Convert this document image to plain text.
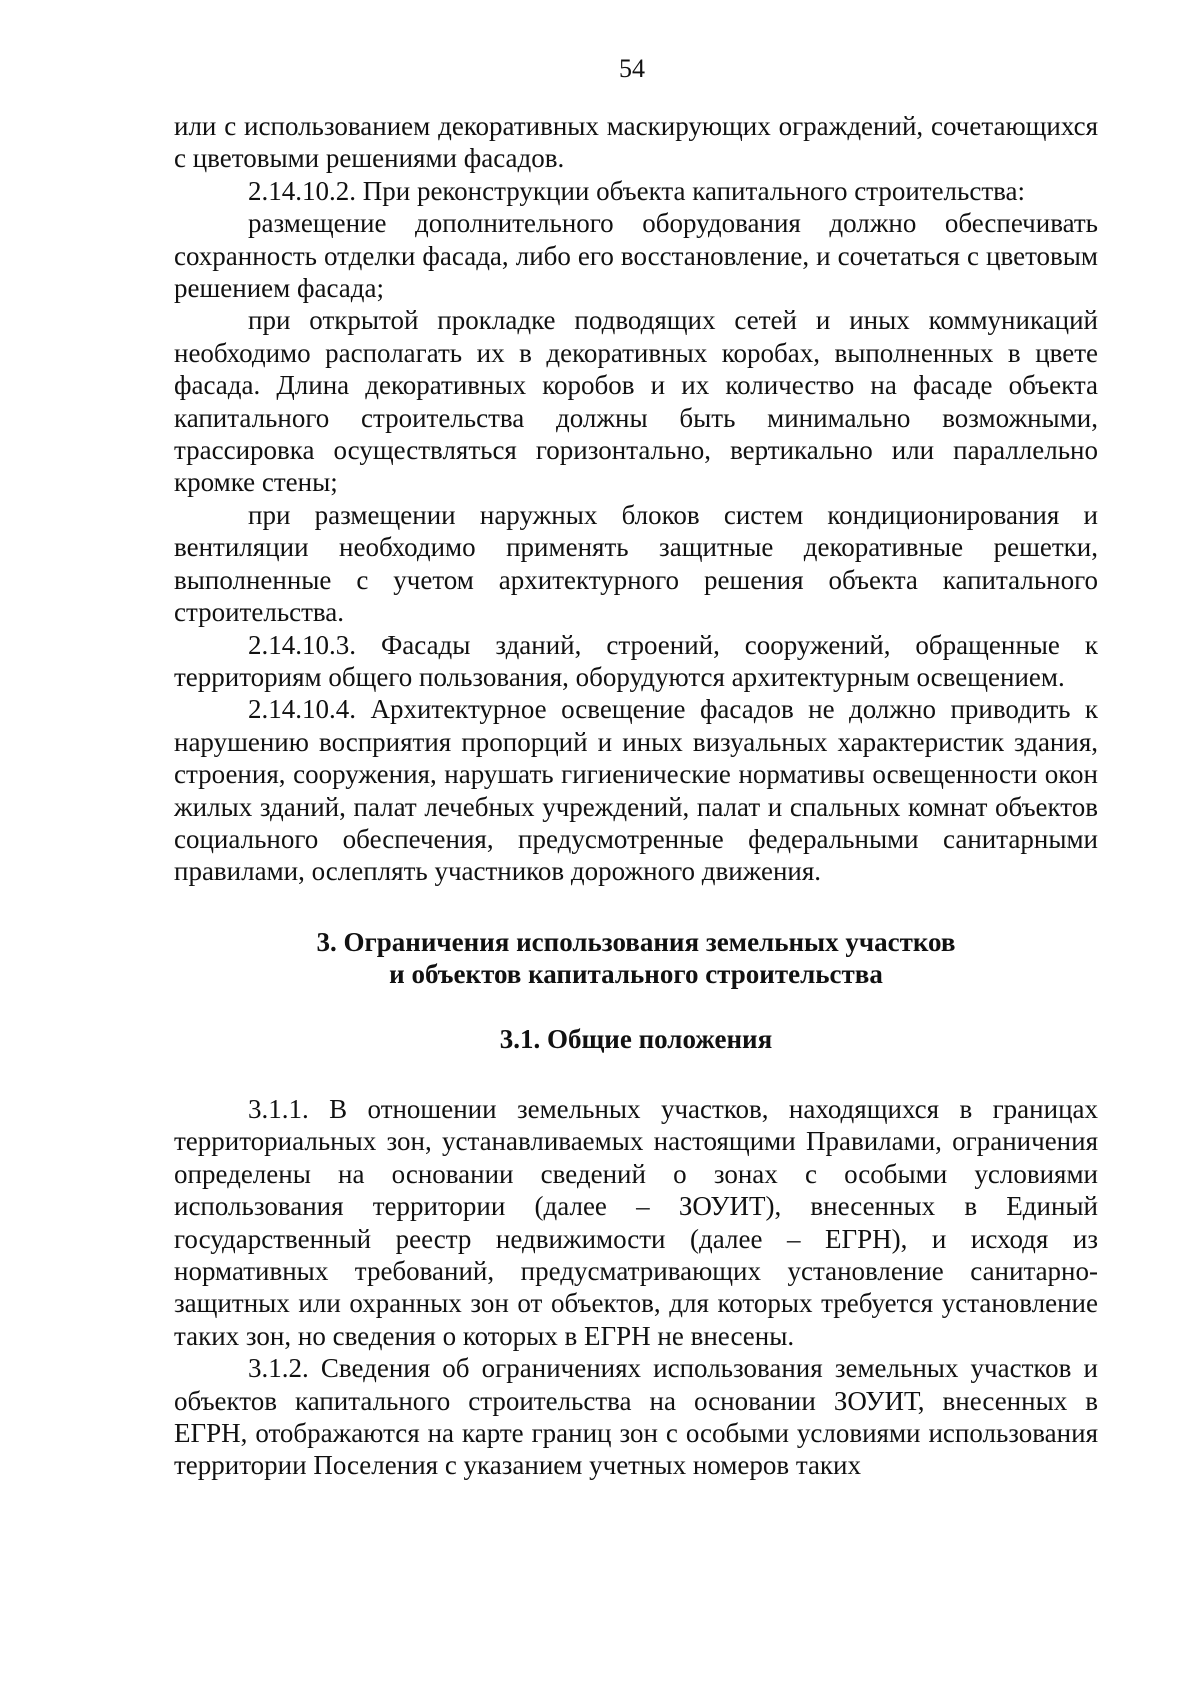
54

или с использованием декоративных маскирующих ограждений, сочетающихся с цветовыми решениями фасадов.

2.14.10.2. При реконструкции объекта капитального строительства:

размещение дополнительного оборудования должно обеспечивать сохранность отделки фасада, либо его восстановление, и сочетаться с цветовым решением фасада;

при открытой прокладке подводящих сетей и иных коммуникаций необходимо располагать их в декоративных коробах, выполненных в цвете фасада. Длина декоративных коробов и их количество на фасаде объекта капитального строительства должны быть минимально возможными, трассировка осуществляться горизонтально, вертикально или параллельно кромке стены;

при размещении наружных блоков систем кондиционирования и вентиляции необходимо применять защитные декоративные решетки, выполненные с учетом архитектурного решения объекта капитального строительства.

2.14.10.3. Фасады зданий, строений, сооружений, обращенные к территориям общего пользования, оборудуются архитектурным освещением.

2.14.10.4. Архитектурное освещение фасадов не должно приводить к нарушению восприятия пропорций и иных визуальных характеристик здания, строения, сооружения, нарушать гигиенические нормативы освещенности окон жилых зданий, палат лечебных учреждений, палат и спальных комнат объектов социального обеспечения, предусмотренные федеральными санитарными правилами, ослеплять участников дорожного движения.

3. Ограничения использования земельных участков
и объектов капитального строительства
3.1. Общие положения

3.1.1. В отношении земельных участков, находящихся в границах территориальных зон, устанавливаемых настоящими Правилами, ограничения определены на основании сведений о зонах с особыми условиями использования территории (далее – ЗОУИТ), внесенных в Единый государственный реестр недвижимости (далее – ЕГРН), и исходя из нормативных требований, предусматривающих установление санитарно-защитных или охранных зон от объектов, для которых требуется установление таких зон, но сведения о которых в ЕГРН не внесены.

3.1.2. Сведения об ограничениях использования земельных участков и объектов капитального строительства на основании ЗОУИТ, внесенных в ЕГРН, отображаются на карте границ зон с особыми условиями использования территории Поселения с указанием учетных номеров таких
